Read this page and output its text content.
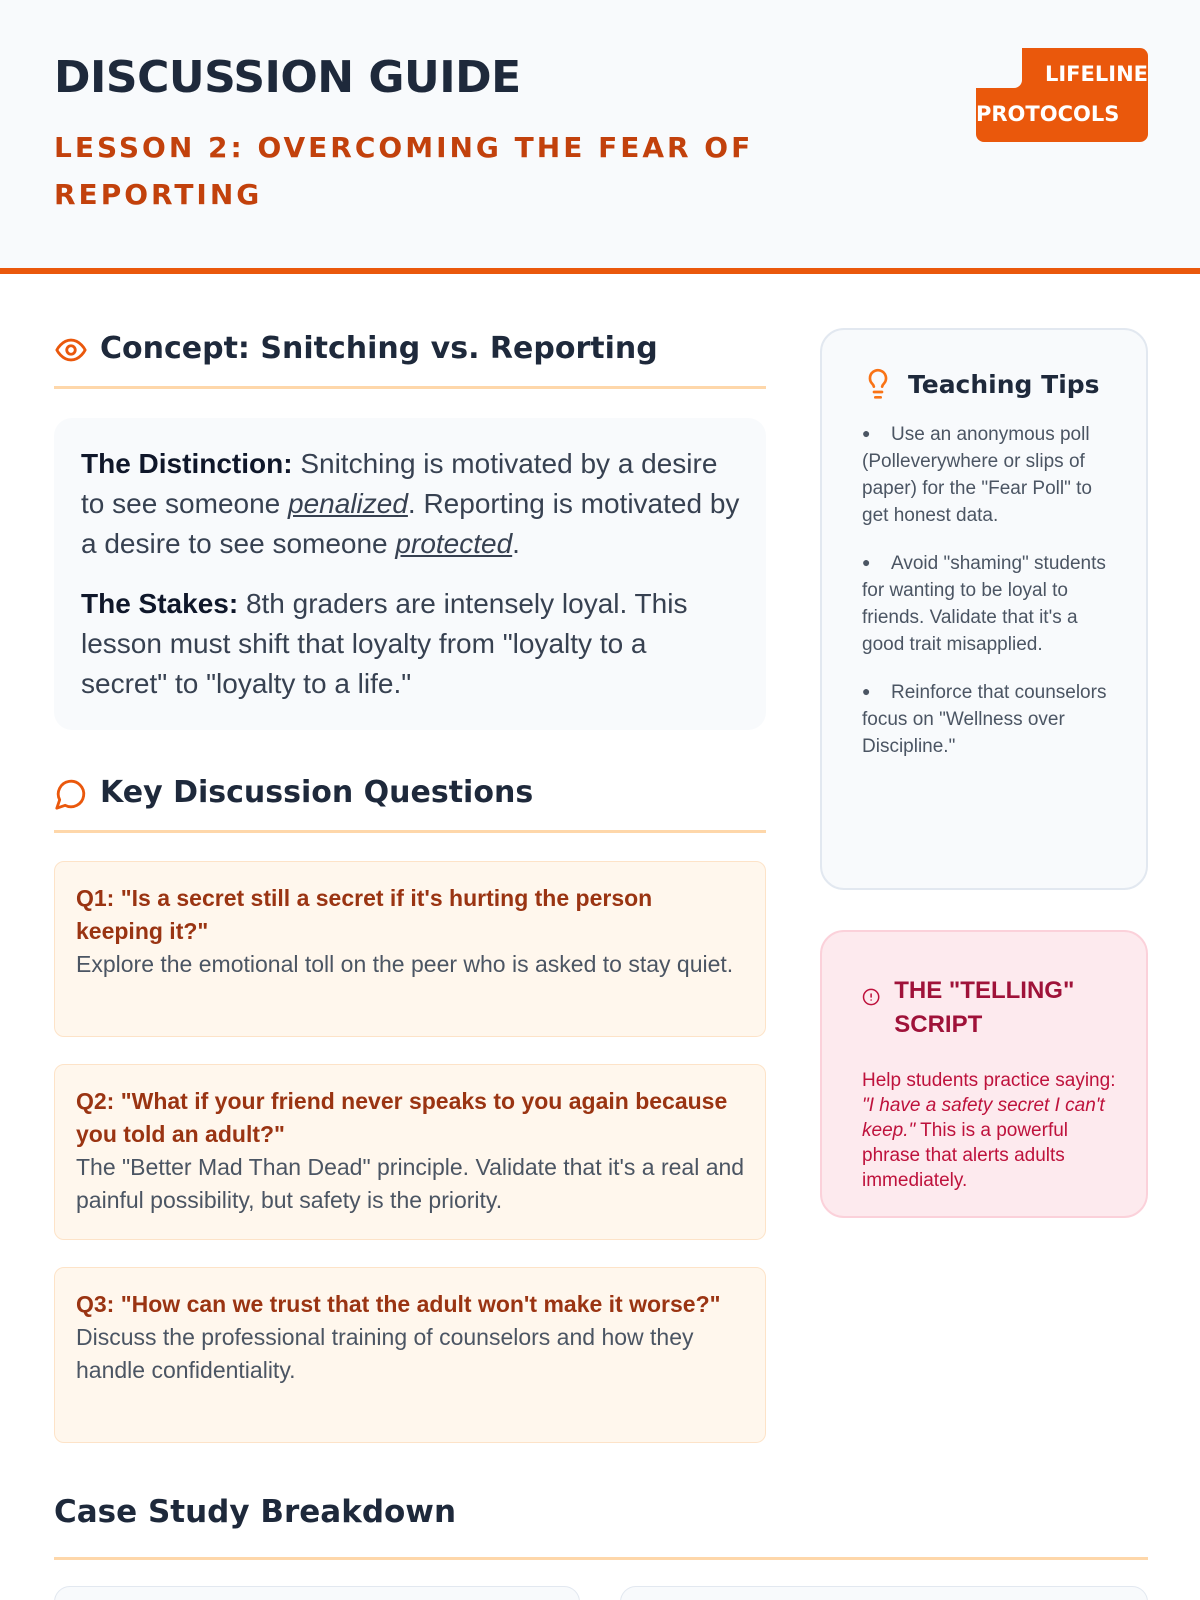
DISCUSSION GUIDE
LESSON 2: OVERCOMING THE FEAR OF REPORTING
LIFELINE
PROTOCOLS
Concept: Snitching vs. Reporting

The Distinction: Snitching is motivated by a desire to see someone penalized. Reporting is motivated by a desire to see someone protected.

The Stakes: 8th graders are intensely loyal. This lesson must shift that loyalty from "loyalty to a secret" to "loyalty to a life."

Key Discussion Questions
Q1: "Is a secret still a secret if it's hurting the person keeping it?"
Explore the emotional toll on the peer who is asked to stay quiet.
Q2: "What if your friend never speaks to you again because you told an adult?"
The "Better Mad Than Dead" principle. Validate that it's a real and painful possibility, but safety is the priority.
Q3: "How can we trust that the adult won't make it worse?"
Discuss the professional training of counselors and how they handle confidentiality.
Teaching Tips
● Use an anonymous poll (Polleverywhere or slips of paper) for the "Fear Poll" to get honest data.
● Avoid "shaming" students for wanting to be loyal to friends. Validate that it's a good trait misapplied.
● Reinforce that counselors focus on "Wellness over Discipline."
THE "TELLING" SCRIPT
Help students practice saying: "I have a safety secret I can't keep." This is a powerful phrase that alerts adults immediately.
Case Study Breakdown
